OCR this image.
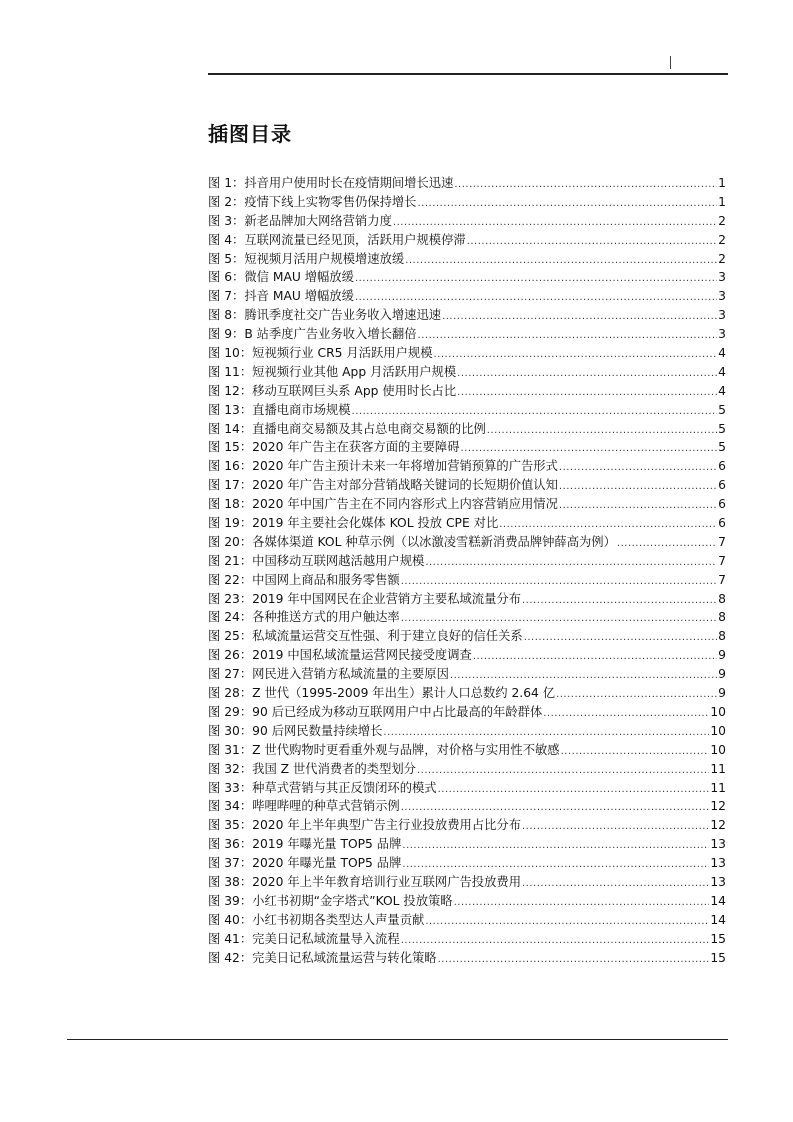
插图目录
图 1：抖音用户使用时长在疫情期间增长迅速 .....	1
图 2：疫情下线上实物零售仍保持增长 .....	1
图 3：新老品牌加大网络营销力度 .....	2
图 4：互联网流量已经见顶，活跃用户规模停滞 .....	2
图 5：短视频月活用户规模增速放缓 .....	2
图 6：微信 MAU 增幅放缓 .....	3
图 7：抖音 MAU 增幅放缓 .....	3
图 8：腾讯季度社交广告业务收入增速迅速 .....	3
图 9：B 站季度广告业务收入增长翻倍 .....	3
图 10：短视频行业 CR5 月活跃用户规模 .....	4
图 11：短视频行业其他 App 月活跃用户规模 .....	4
图 12：移动互联网巨头系 App 使用时长占比 .....	4
图 13：直播电商市场规模 .....	5
图 14：直播电商交易额及其占总电商交易额的比例 .....	5
图 15：2020 年广告主在获客方面的主要障碍 .....	5
图 16：2020 年广告主预计未来一年将增加营销预算的广告形式 .....	6
图 17：2020 年广告主对部分营销战略关键词的长短期价值认知 .....	6
图 18：2020 年中国广告主在不同内容形式上内容营销应用情况 .....	6
图 19：2019 年主要社会化媒体 KOL 投放 CPE 对比 .....	6
图 20：各媒体渠道 KOL 种草示例（以冰激凌雪糕新消费品牌钟薛高为例） .....	7
图 21：中国移动互联网越活越用户规模 .....	7
图 22：中国网上商品和服务零售额 .....	7
图 23：2019 年中国网民在企业营销方主要私域流量分布 .....	8
图 24：各种推送方式的用户触达率 .....	8
图 25：私域流量运营交互性强、利于建立良好的信任关系 .....	8
图 26：2019 中国私域流量运营网民接受度调查 .....	9
图 27：网民进入营销方私域流量的主要原因 .....	9
图 28：Z 世代（1995-2009 年出生）累计人口总数约 2.64 亿 .....	9
图 29：90 后已经成为移动互联网用户中占比最高的年龄群体 .....	10
图 30：90 后网民数量持续增长 .....	10
图 31：Z 世代购物时更看重外观与品牌，对价格与实用性不敏感 .....	10
图 32：我国 Z 世代消费者的类型划分 .....	11
图 33：种草式营销与其正反馈闭环的模式 .....	11
图 34：哔哩哔哩的种草式营销示例 .....	12
图 35：2020 年上半年典型广告主行业投放费用占比分布 .....	12
图 36：2019 年曝光量 TOP5 品牌 .....	13
图 37：2020 年曝光量 TOP5 品牌 .....	13
图 38：2020 年上半年教育培训行业互联网广告投放费用 .....	13
图 39：小红书初期“金字塔式”KOL 投放策略 .....	14
图 40：小红书初期各类型达人声量贡献 .....	14
图 41：完美日记私域流量导入流程 .....	15
图 42：完美日记私域流量运营与转化策略 .....	15
